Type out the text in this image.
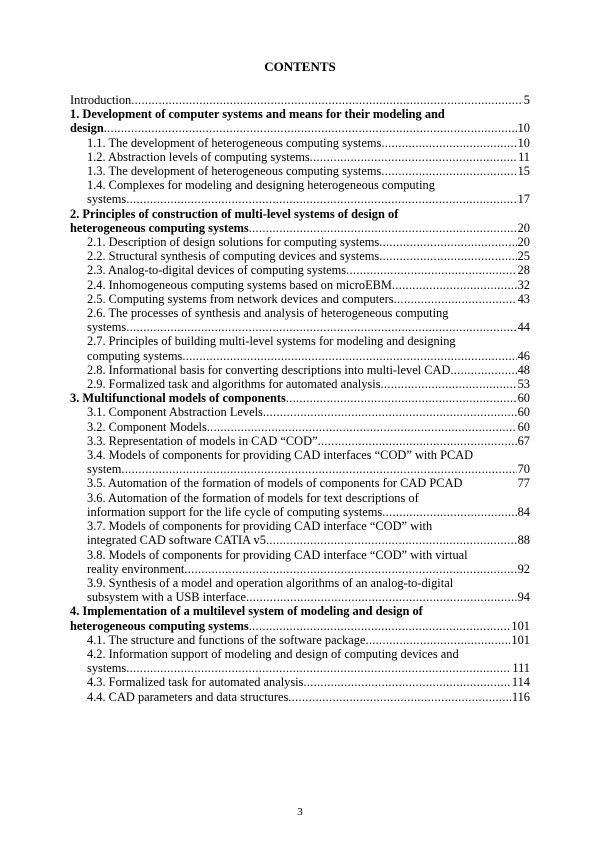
CONTENTS
Introduction .....	5
1. Development of computer systems and means for their modeling and
design .....	10
1.1. The development of heterogeneous computing systems .....	10
1.2. Abstraction levels of computing systems .....	11
1.3. The development of heterogeneous computing systems .....	15
1.4. Complexes for modeling and designing heterogeneous computing
systems .....	17
2. Principles of construction of multi-level systems of design of
heterogeneous computing systems .....	20
2.1. Description of design solutions for computing systems .....	20
2.2. Structural synthesis of computing devices and systems .....	25
2.3. Analog-to-digital devices of computing systems .....	28
2.4. Inhomogeneous computing systems based on microEBM .....	32
2.5. Computing systems from network devices and computers .....	43
2.6. The processes of synthesis and analysis of heterogeneous computing
systems .....	44
2.7. Principles of building multi-level systems for modeling and designing
computing systems .....	46
2.8. Informational basis for converting descriptions into multi-level CAD .....	48
2.9. Formalized task and algorithms for automated analysis .....	53
3. Multifunctional models of components .....	60
3.1. Component Abstraction Levels .....	60
3.2. Component Models .....	60
3.3. Representation of models in CAD “COD” .....	67
3.4. Models of components for providing CAD interfaces “COD” with PCAD
system .....	70
3.5. Automation of the formation of models of components for CAD PCAD	77
3.6. Automation of the formation of models for text descriptions of
information support for the life cycle of computing systems .....	84
3.7. Models of components for providing CAD interface “COD” with
integrated CAD software CATIA v5 .....	88
3.8. Models of components for providing CAD interface “COD” with virtual
reality environment .....	92
3.9. Synthesis of a model and operation algorithms of an analog-to-digital
subsystem with a USB interface .....	94
4. Implementation of a multilevel system of modeling and design of
heterogeneous computing systems .....	101
4.1. The structure and functions of the software package .....	101
4.2. Information support of modeling and design of computing devices and
systems .....	111
4.3. Formalized task for automated analysis .....	114
4.4. CAD parameters and data structures .....	116
3
